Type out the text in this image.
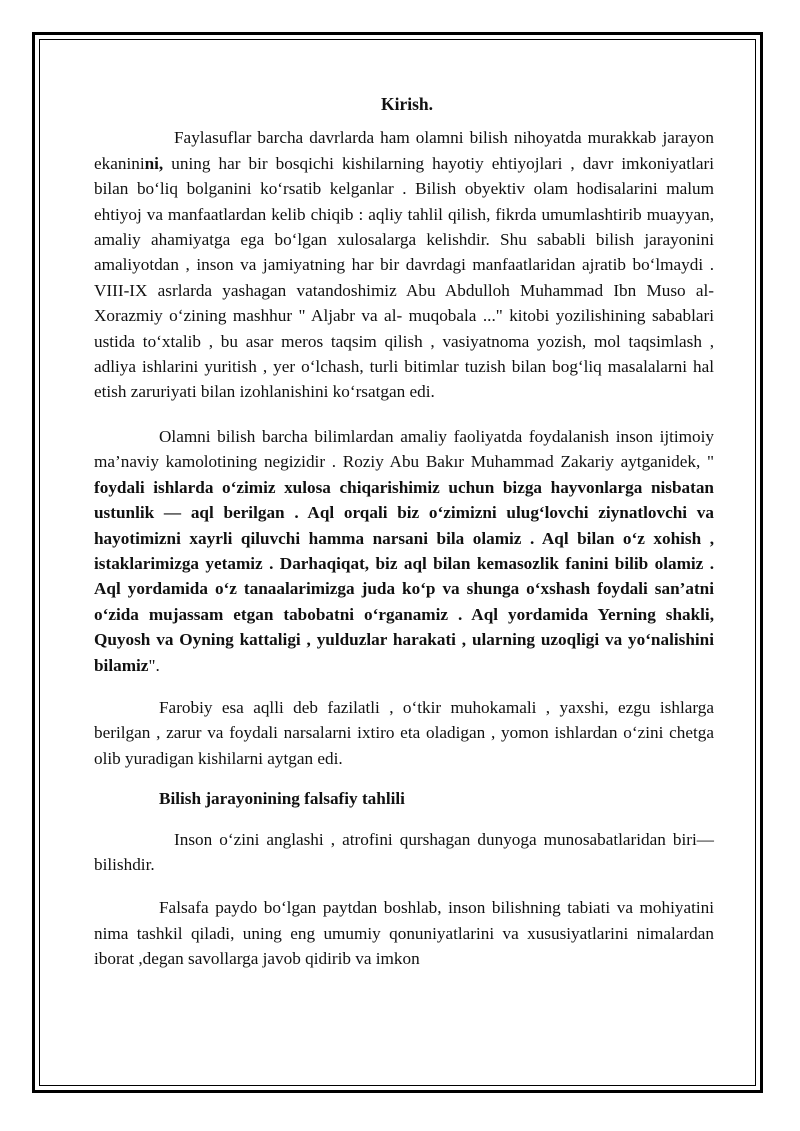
Kirish.

Faylasuflar barcha davrlarda ham olamni bilish nihoyatda murakkab jarayon ekaninini, uning har bir bosqichi kishilarning hayotiy ehtiyojlari , davr imkoniyatlari bilan bo‘liq bolganini ko‘rsatib kelganlar . Bilish obyektiv olam hodisalarini malum ehtiyoj va manfaatlardan kelib chiqib : aqliy tahlil qilish, fikrda umumlashtirib muayyan, amaliy ahamiyatga ega bo‘lgan xulosalarga kelishdir. Shu sababli bilish jarayonini amaliyotdan , inson va jamiyatning har bir davrdagi manfaatlaridan ajratib bo‘lmaydi . VIII-IX asrlarda yashagan vatandoshimiz Abu Abdulloh Muhammad Ibn Muso al-Xorazmiy o‘zining mashhur " Aljabr va al- muqobala ..." kitobi yozilishining sabablari ustida to‘xtalib , bu asar meros taqsim qilish , vasiyatnoma yozish, mol taqsimlash , adliya ishlarini yuritish , yer o‘lchash, turli bitimlar tuzish bilan bog‘liq masalalarni hal etish zaruriyati bilan izohlanishini ko‘rsatgan edi.

Olamni bilish barcha bilimlardan amaliy faoliyatda foydalanish inson ijtimoiy ma’naviy kamolotining negizidir . Roziy Abu Bakır Muhammad Zakariy aytganidek, " foydali ishlarda o‘zimiz xulosa chiqarishimiz uchun bizga hayvonlarga nisbatan ustunlik — aql berilgan . Aql orqali biz o‘zimizni ulug‘lovchi ziynatlovchi va hayotimizni xayrli qiluvchi hamma narsani bila olamiz . Aql bilan o‘z xohish , istaklarimizga yetamiz . Darhaqiqat, biz aql bilan kemasozlik fanini bilib olamiz . Aql yordamida o‘z tanaalarimizga juda ko‘p va shunga o‘xshash foydali san’atni o‘zida mujassam etgan tabobatni o‘rganamiz . Aql yordamida Yerning shakli, Quyosh va Oyning kattaligi , yulduzlar harakati , ularning uzoqligi va yo‘nalishini bilamiz".

Farobiy esa aqlli deb fazilatli , o‘tkir muhokamali , yaxshi, ezgu ishlarga berilgan , zarur va foydali narsalarni ixtiro eta oladigan , yomon ishlardan o‘zini chetga olib yuradigan kishilarni aytgan edi.

Bilish jarayonining falsafiy tahlili

Inson o‘zini anglashi , atrofini qurshagan dunyoga munosabatlaridan biri—bilishdir.

Falsafa paydo bo‘lgan paytdan boshlab, inson bilishning tabiati va mohiyatini nima tashkil qiladi, uning eng umumiy qonuniyatlarini va xususiyatlarini nimalardan iborat ,degan savollarga javob qidirib va imkon
